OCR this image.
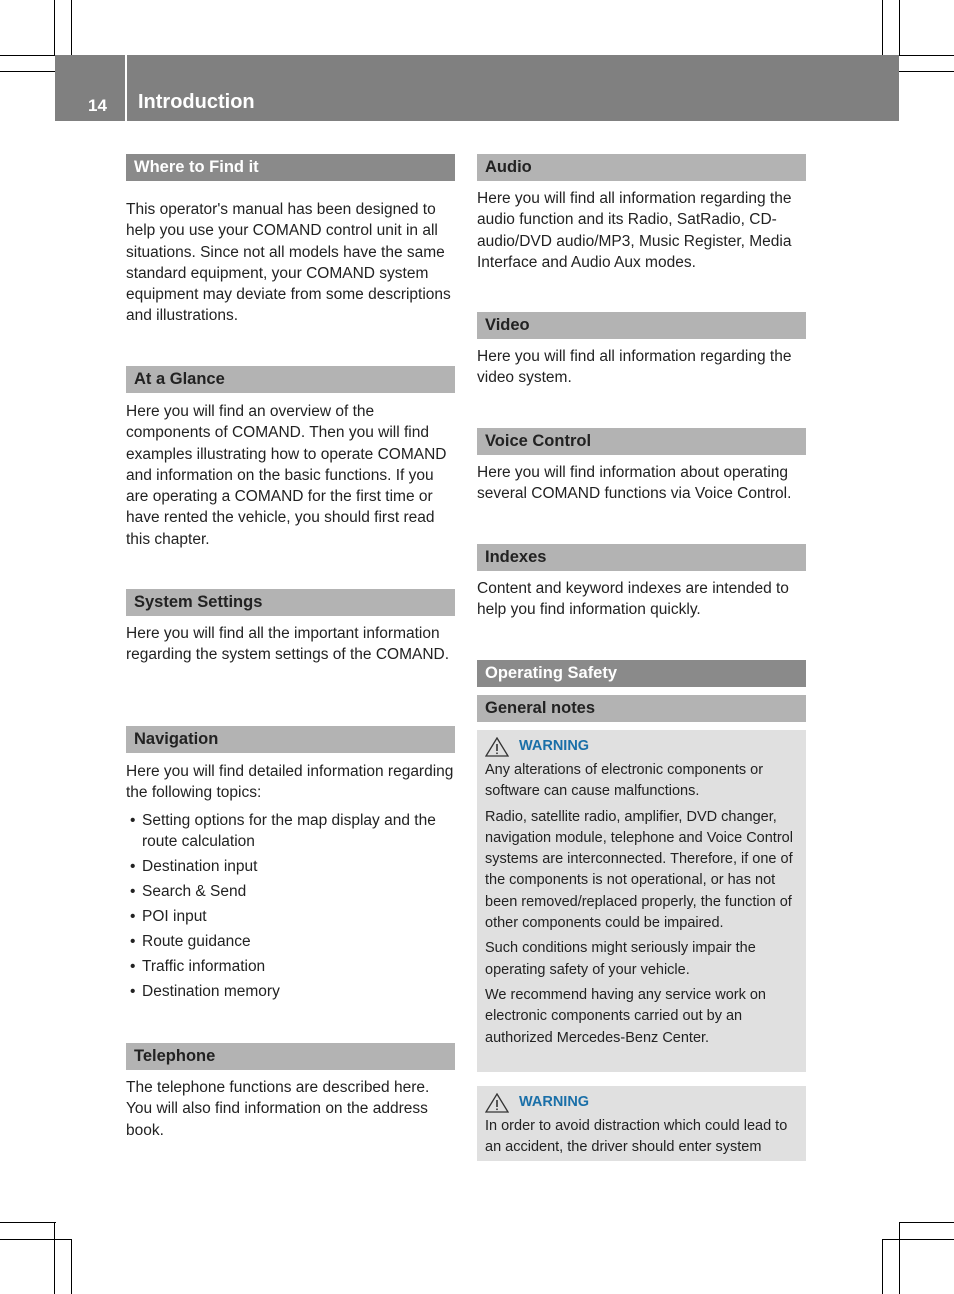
14 Introduction
Where to Find it
This operator's manual has been designed to help you use your COMAND control unit in all situations. Since not all models have the same standard equipment, your COMAND system equipment may deviate from some descriptions and illustrations.
At a Glance
Here you will find an overview of the components of COMAND. Then you will find examples illustrating how to operate COMAND and information on the basic functions. If you are operating a COMAND for the first time or have rented the vehicle, you should first read this chapter.
System Settings
Here you will find all the important information regarding the system settings of the COMAND.
Navigation
Here you will find detailed information regarding the following topics:
• Setting options for the map display and the route calculation
• Destination input
• Search & Send
• POI input
• Route guidance
• Traffic information
• Destination memory
Telephone
The telephone functions are described here. You will also find information on the address book.
Audio
Here you will find all information regarding the audio function and its Radio, SatRadio, CD-audio/DVD audio/MP3, Music Register, Media Interface and Audio Aux modes.
Video
Here you will find all information regarding the video system.
Voice Control
Here you will find information about operating several COMAND functions via Voice Control.
Indexes
Content and keyword indexes are intended to help you find information quickly.
Operating Safety
General notes
WARNING

Any alterations of electronic components or software can cause malfunctions.

Radio, satellite radio, amplifier, DVD changer, navigation module, telephone and Voice Control systems are interconnected. Therefore, if one of the components is not operational, or has not been removed/replaced properly, the function of other components could be impaired.

Such conditions might seriously impair the operating safety of your vehicle.

We recommend having any service work on electronic components carried out by an authorized Mercedes-Benz Center.

WARNING

In order to avoid distraction which could lead to an accident, the driver should enter system
